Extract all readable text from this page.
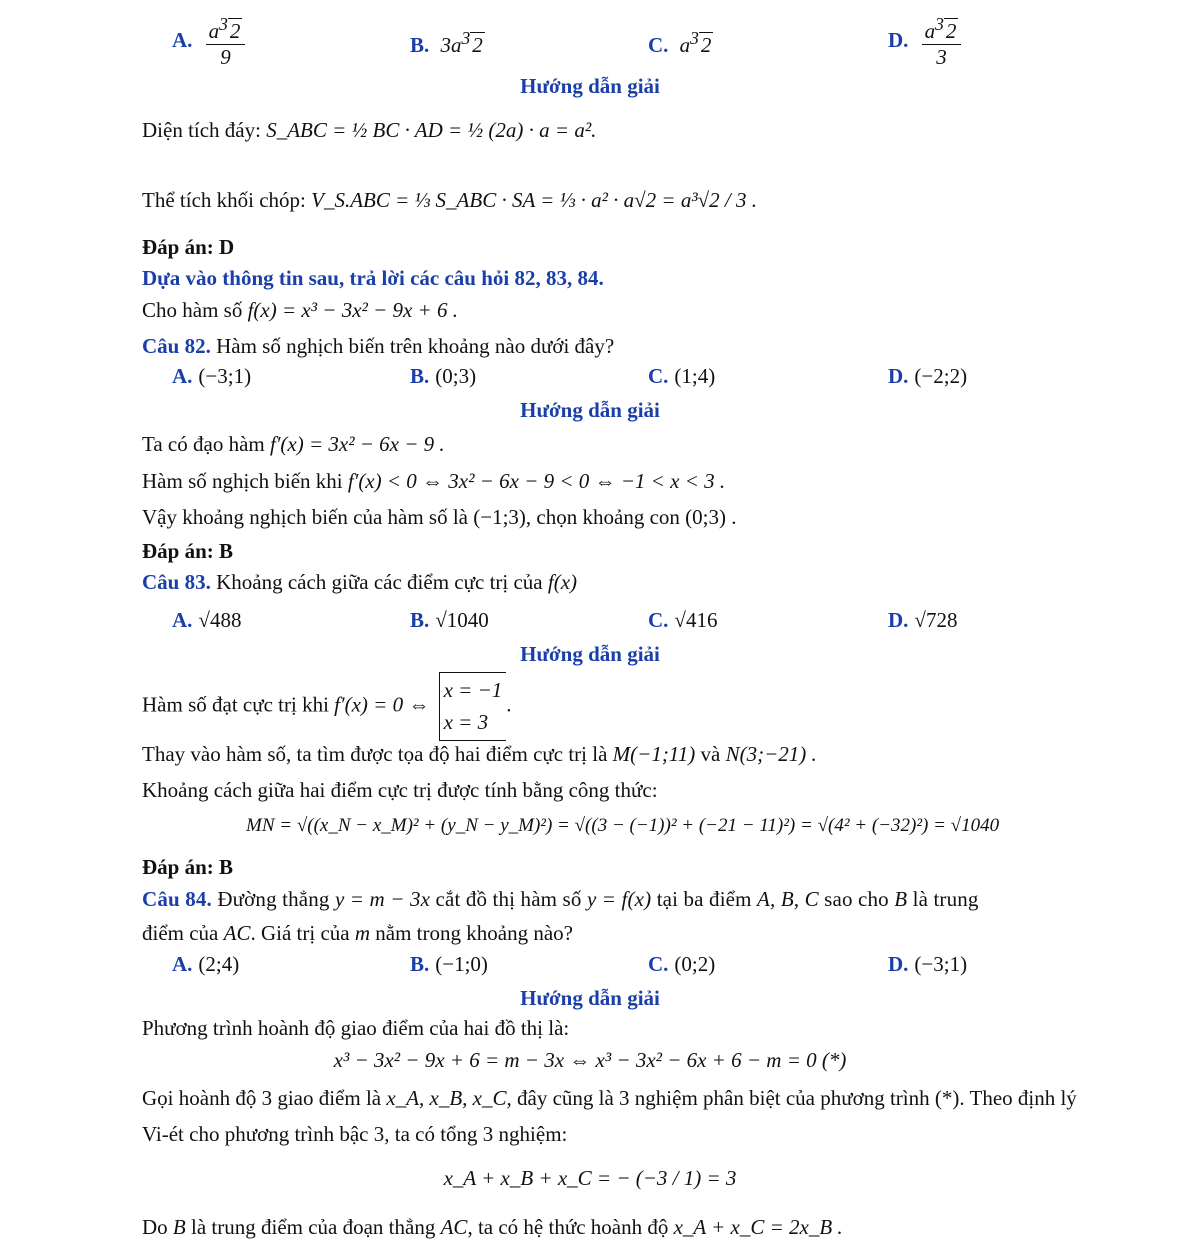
A. $\frac{a^32}{9}$	B. $3a^32$	C. $a^32$	D. $\frac{a^32}{3}$
Hướng dẫn giải
Diện tích đáy: S_ABC = ½ BC · AD = ½ (2a) · a = a².
Thể tích khối chóp: V_S.ABC = ⅓ S_ABC · SA = ⅓ · a² · a√2 = a³√2 / 3 .
Đáp án: D
Dựa vào thông tin sau, trả lời các câu hỏi 82, 83, 84.
Cho hàm số f(x) = x³ − 3x² − 9x + 6 .
Câu 82. Hàm số nghịch biến trên khoảng nào dưới đây?
A. (−3;1)	B. (0;3)	C. (1;4)	D. (−2;2)
Hướng dẫn giải
Ta có đạo hàm f′(x) = 3x² − 6x − 9 .
Hàm số nghịch biến khi f′(x) < 0 ⇔ 3x² − 6x − 9 < 0 ⇔ −1 < x < 3 .
Vậy khoảng nghịch biến của hàm số là (−1;3), chọn khoảng con (0;3) .
Đáp án: B
Câu 83. Khoảng cách giữa các điểm cực trị của f(x)
A. √488	B. √1040	C. √416	D. √728
Hướng dẫn giải
Hàm số đạt cực trị khi f′(x) = 0 ⇔ x = −1
x = 3.
Thay vào hàm số, ta tìm được tọa độ hai điểm cực trị là M(−1;11) và N(3;−21) .
Khoảng cách giữa hai điểm cực trị được tính bằng công thức:
MN = √((x_N − x_M)² + (y_N − y_M)²) = √((3 − (−1))² + (−21 − 11)²) = √(4² + (−32)²) = √1040
Đáp án: B
Câu 84. Đường thẳng y = m − 3x cắt đồ thị hàm số y = f(x) tại ba điểm A, B, C sao cho B là trung
điểm của AC. Giá trị của m nằm trong khoảng nào?
A. (2;4)	B. (−1;0)	C. (0;2)	D. (−3;1)
Hướng dẫn giải
Phương trình hoành độ giao điểm của hai đồ thị là:
x³ − 3x² − 9x + 6 = m − 3x ⇔ x³ − 3x² − 6x + 6 − m = 0 (*)
Gọi hoành độ 3 giao điểm là x_A, x_B, x_C, đây cũng là 3 nghiệm phân biệt của phương trình (*). Theo định lý
Vi-ét cho phương trình bậc 3, ta có tổng 3 nghiệm:
x_A + x_B + x_C = − (−3 / 1) = 3
Do B là trung điểm của đoạn thẳng AC, ta có hệ thức hoành độ x_A + x_C = 2x_B .
